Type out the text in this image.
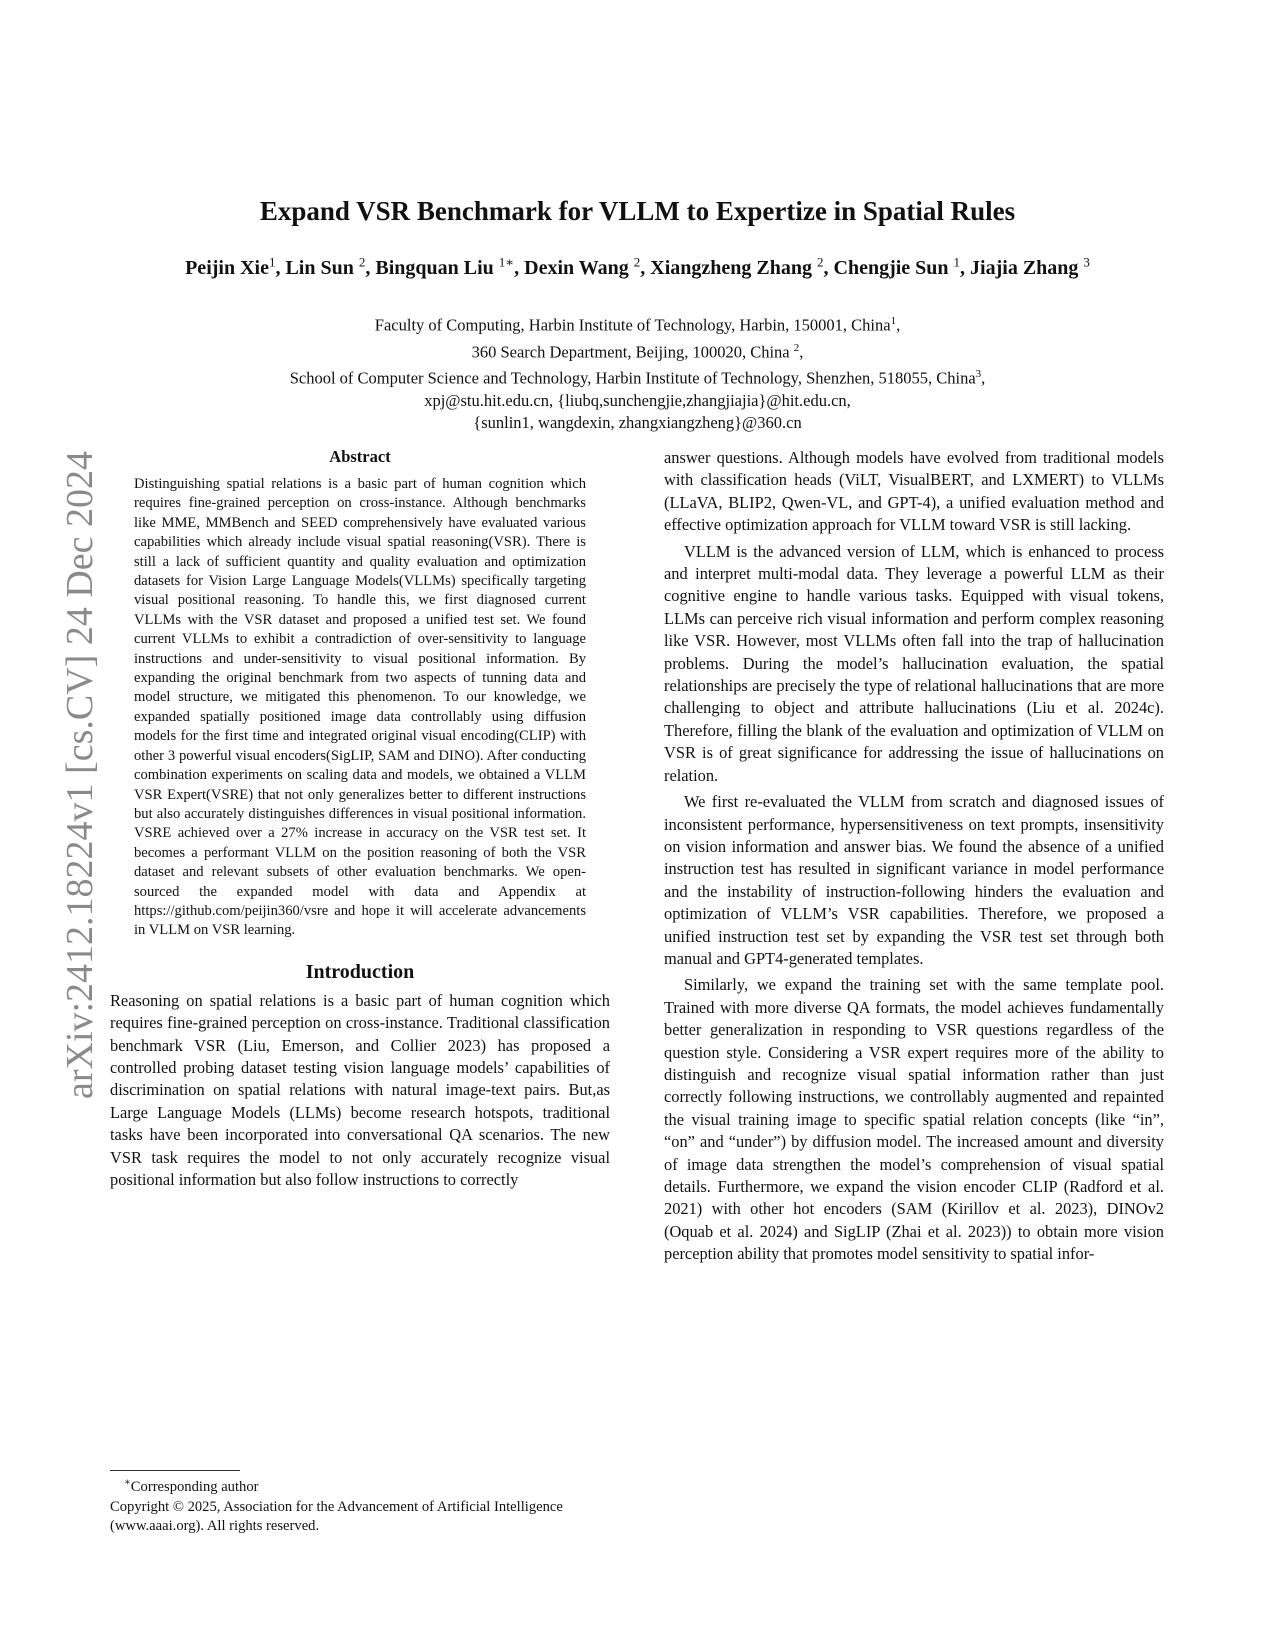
arXiv:2412.18224v1 [cs.CV] 24 Dec 2024
Expand VSR Benchmark for VLLM to Expertize in Spatial Rules
Peijin Xie$^1$, Lin Sun $^2$, Bingquan Liu $^{1∗}$, Dexin Wang $^2$, Xiangzheng Zhang $^2$, Chengjie Sun $^1$, Jiajia Zhang $^3$
Faculty of Computing, Harbin Institute of Technology, Harbin, 150001, China$^1$,
360 Search Department, Beijing, 100020, China $^2$,
School of Computer Science and Technology, Harbin Institute of Technology, Shenzhen, 518055, China$^3$,
xpj@stu.hit.edu.cn, {liubq,sunchengjie,zhangjiajia}@hit.edu.cn,
{sunlin1, wangdexin, zhangxiangzheng}@360.cn
Abstract

Distinguishing spatial relations is a basic part of human cognition which requires fine-grained perception on cross-instance. Although benchmarks like MME, MMBench and SEED comprehensively have evaluated various capabilities which already include visual spatial reasoning(VSR). There is still a lack of sufficient quantity and quality evaluation and optimization datasets for Vision Large Language Models(VLLMs) specifically targeting visual positional reasoning. To handle this, we first diagnosed current VLLMs with the VSR dataset and proposed a unified test set. We found current VLLMs to exhibit a contradiction of over-sensitivity to language instructions and under-sensitivity to visual positional information. By expanding the original benchmark from two aspects of tunning data and model structure, we mitigated this phenomenon. To our knowledge, we expanded spatially positioned image data controllably using diffusion models for the first time and integrated original visual encoding(CLIP) with other 3 powerful visual encoders(SigLIP, SAM and DINO). After conducting combination experiments on scaling data and models, we obtained a VLLM VSR Expert(VSRE) that not only generalizes better to different instructions but also accurately distinguishes differences in visual positional information. VSRE achieved over a 27% increase in accuracy on the VSR test set. It becomes a performant VLLM on the position reasoning of both the VSR dataset and relevant subsets of other evaluation benchmarks. We open-sourced the expanded model with data and Appendix at https://github.com/peijin360/vsre and hope it will accelerate advancements in VLLM on VSR learning.

Introduction

Reasoning on spatial relations is a basic part of human cognition which requires fine-grained perception on cross-instance. Traditional classification benchmark VSR (Liu, Emerson, and Collier 2023) has proposed a controlled probing dataset testing vision language models’ capabilities of discrimination on spatial relations with natural image-text pairs. But,as Large Language Models (LLMs) become research hotspots, traditional tasks have been incorporated into conversational QA scenarios. The new VSR task requires the model to not only accurately recognize visual positional information but also follow instructions to correctly

answer questions. Although models have evolved from traditional models with classification heads (ViLT, VisualBERT, and LXMERT) to VLLMs (LLaVA, BLIP2, Qwen-VL, and GPT-4), a unified evaluation method and effective optimization approach for VLLM toward VSR is still lacking.

VLLM is the advanced version of LLM, which is enhanced to process and interpret multi-modal data. They leverage a powerful LLM as their cognitive engine to handle various tasks. Equipped with visual tokens, LLMs can perceive rich visual information and perform complex reasoning like VSR. However, most VLLMs often fall into the trap of hallucination problems. During the model’s hallucination evaluation, the spatial relationships are precisely the type of relational hallucinations that are more challenging to object and attribute hallucinations (Liu et al. 2024c). Therefore, filling the blank of the evaluation and optimization of VLLM on VSR is of great significance for addressing the issue of hallucinations on relation.

We first re-evaluated the VLLM from scratch and diagnosed issues of inconsistent performance, hypersensitiveness on text prompts, insensitivity on vision information and answer bias. We found the absence of a unified instruction test has resulted in significant variance in model performance and the instability of instruction-following hinders the evaluation and optimization of VLLM’s VSR capabilities. Therefore, we proposed a unified instruction test set by expanding the VSR test set through both manual and GPT4-generated templates.

Similarly, we expand the training set with the same template pool. Trained with more diverse QA formats, the model achieves fundamentally better generalization in responding to VSR questions regardless of the question style. Considering a VSR expert requires more of the ability to distinguish and recognize visual spatial information rather than just correctly following instructions, we controllably augmented and repainted the visual training image to specific spatial relation concepts (like “in”, “on” and “under”) by diffusion model. The increased amount and diversity of image data strengthen the model’s comprehension of visual spatial details. Furthermore, we expand the vision encoder CLIP (Radford et al. 2021) with other hot encoders (SAM (Kirillov et al. 2023), DINOv2 (Oquab et al. 2024) and SigLIP (Zhai et al. 2023)) to obtain more vision perception ability that promotes model sensitivity to spatial infor-

∗Corresponding author
Copyright © 2025, Association for the Advancement of Artificial Intelligence (www.aaai.org). All rights reserved.
